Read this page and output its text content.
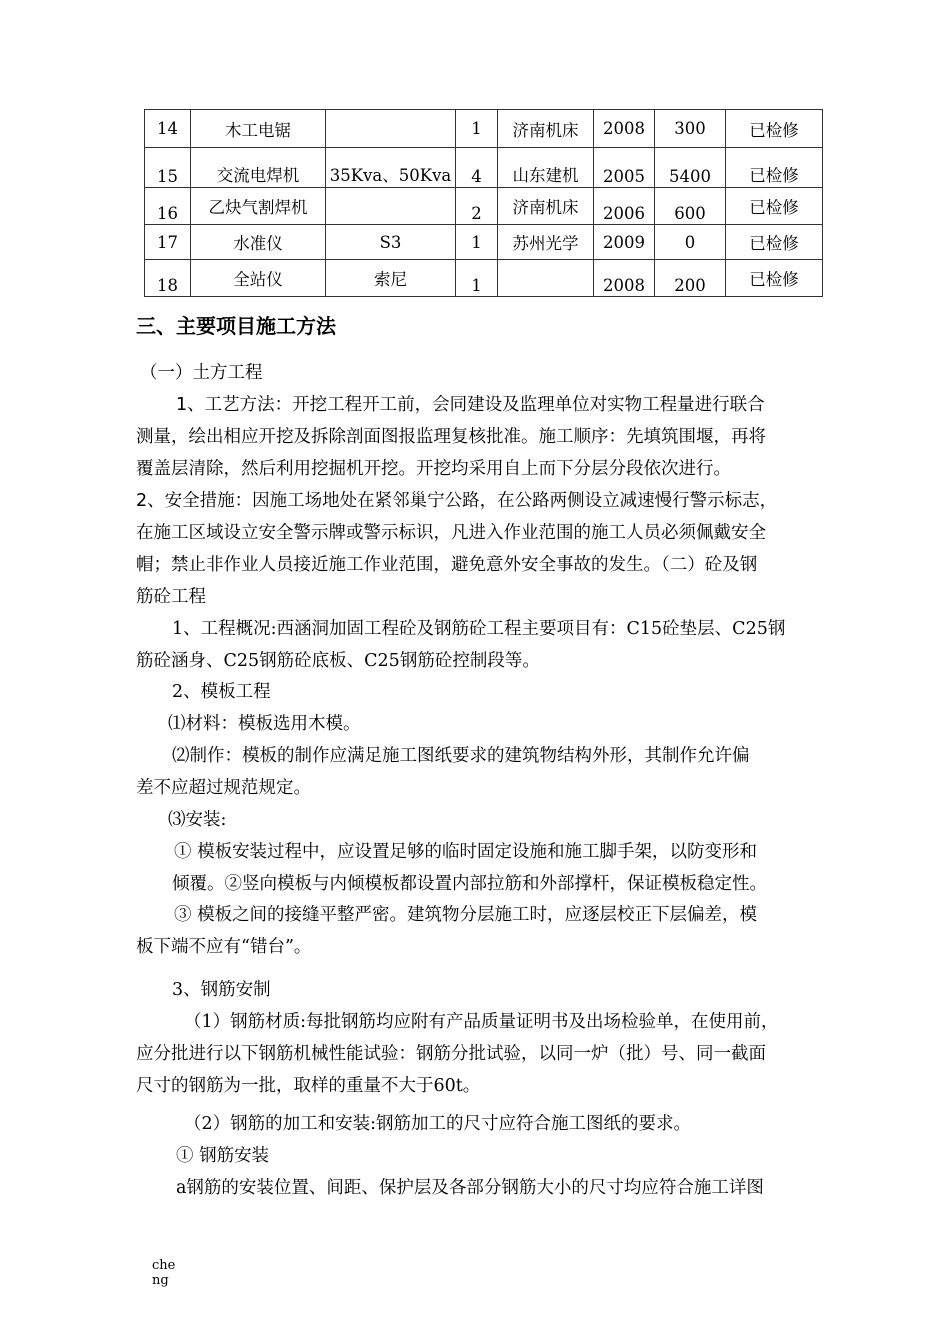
14	木工电锯		1	济南机床	2008	300	已检修
15	交流电焊机	35Kva、50Kva	4	山东建机	2005	5400	已检修
16	乙炔气割焊机		2	济南机床	2006	600	已检修
17	水准仪	S3	1	苏州光学	2009	0	已检修
18	全站仪	索尼	1		2008	200	已检修
三、主要项目施工方法

（一）土方工程

1、工艺方法：开挖工程开工前，会同建设及监理单位对实物工程量进行联合

测量，绘出相应开挖及拆除剖面图报监理复核批准。施工顺序：先填筑围堰，再将

覆盖层清除，然后利用挖掘机开挖。开挖均采用自上而下分层分段依次进行。

2、安全措施：因施工场地处在紧邻巢宁公路，在公路两侧设立减速慢行警示标志，

在施工区域设立安全警示牌或警示标识，凡进入作业范围的施工人员必须佩戴安全

帽；禁止非作业人员接近施工作业范围，避免意外安全事故的发生。（二）砼及钢

筋砼工程

1、工程概况:西涵洞加固工程砼及钢筋砼工程主要项目有：C15砼垫层、C25钢

筋砼涵身、C25钢筋砼底板、C25钢筋砼控制段等。

2、模板工程

⑴材料：模板选用木模。

⑵制作：模板的制作应满足施工图纸要求的建筑物结构外形，其制作允许偏

差不应超过规范规定。

⑶安装:

① 模板安装过程中，应设置足够的临时固定设施和施工脚手架，以防变形和

倾覆。②竖向模板与内倾模板都设置内部拉筋和外部撑杆，保证模板稳定性。

③ 模板之间的接缝平整严密。建筑物分层施工时，应逐层校正下层偏差，模

板下端不应有“错台”。

3、钢筋安制

（1）钢筋材质:每批钢筋均应附有产品质量证明书及出场检验单，在使用前，

应分批进行以下钢筋机械性能试验：钢筋分批试验，以同一炉（批）号、同一截面

尺寸的钢筋为一批，取样的重量不大于60t。

（2）钢筋的加工和安装:钢筋加工的尺寸应符合施工图纸的要求。

① 钢筋安装

a钢筋的安装位置、间距、保护层及各部分钢筋大小的尺寸均应符合施工详图

cheng
